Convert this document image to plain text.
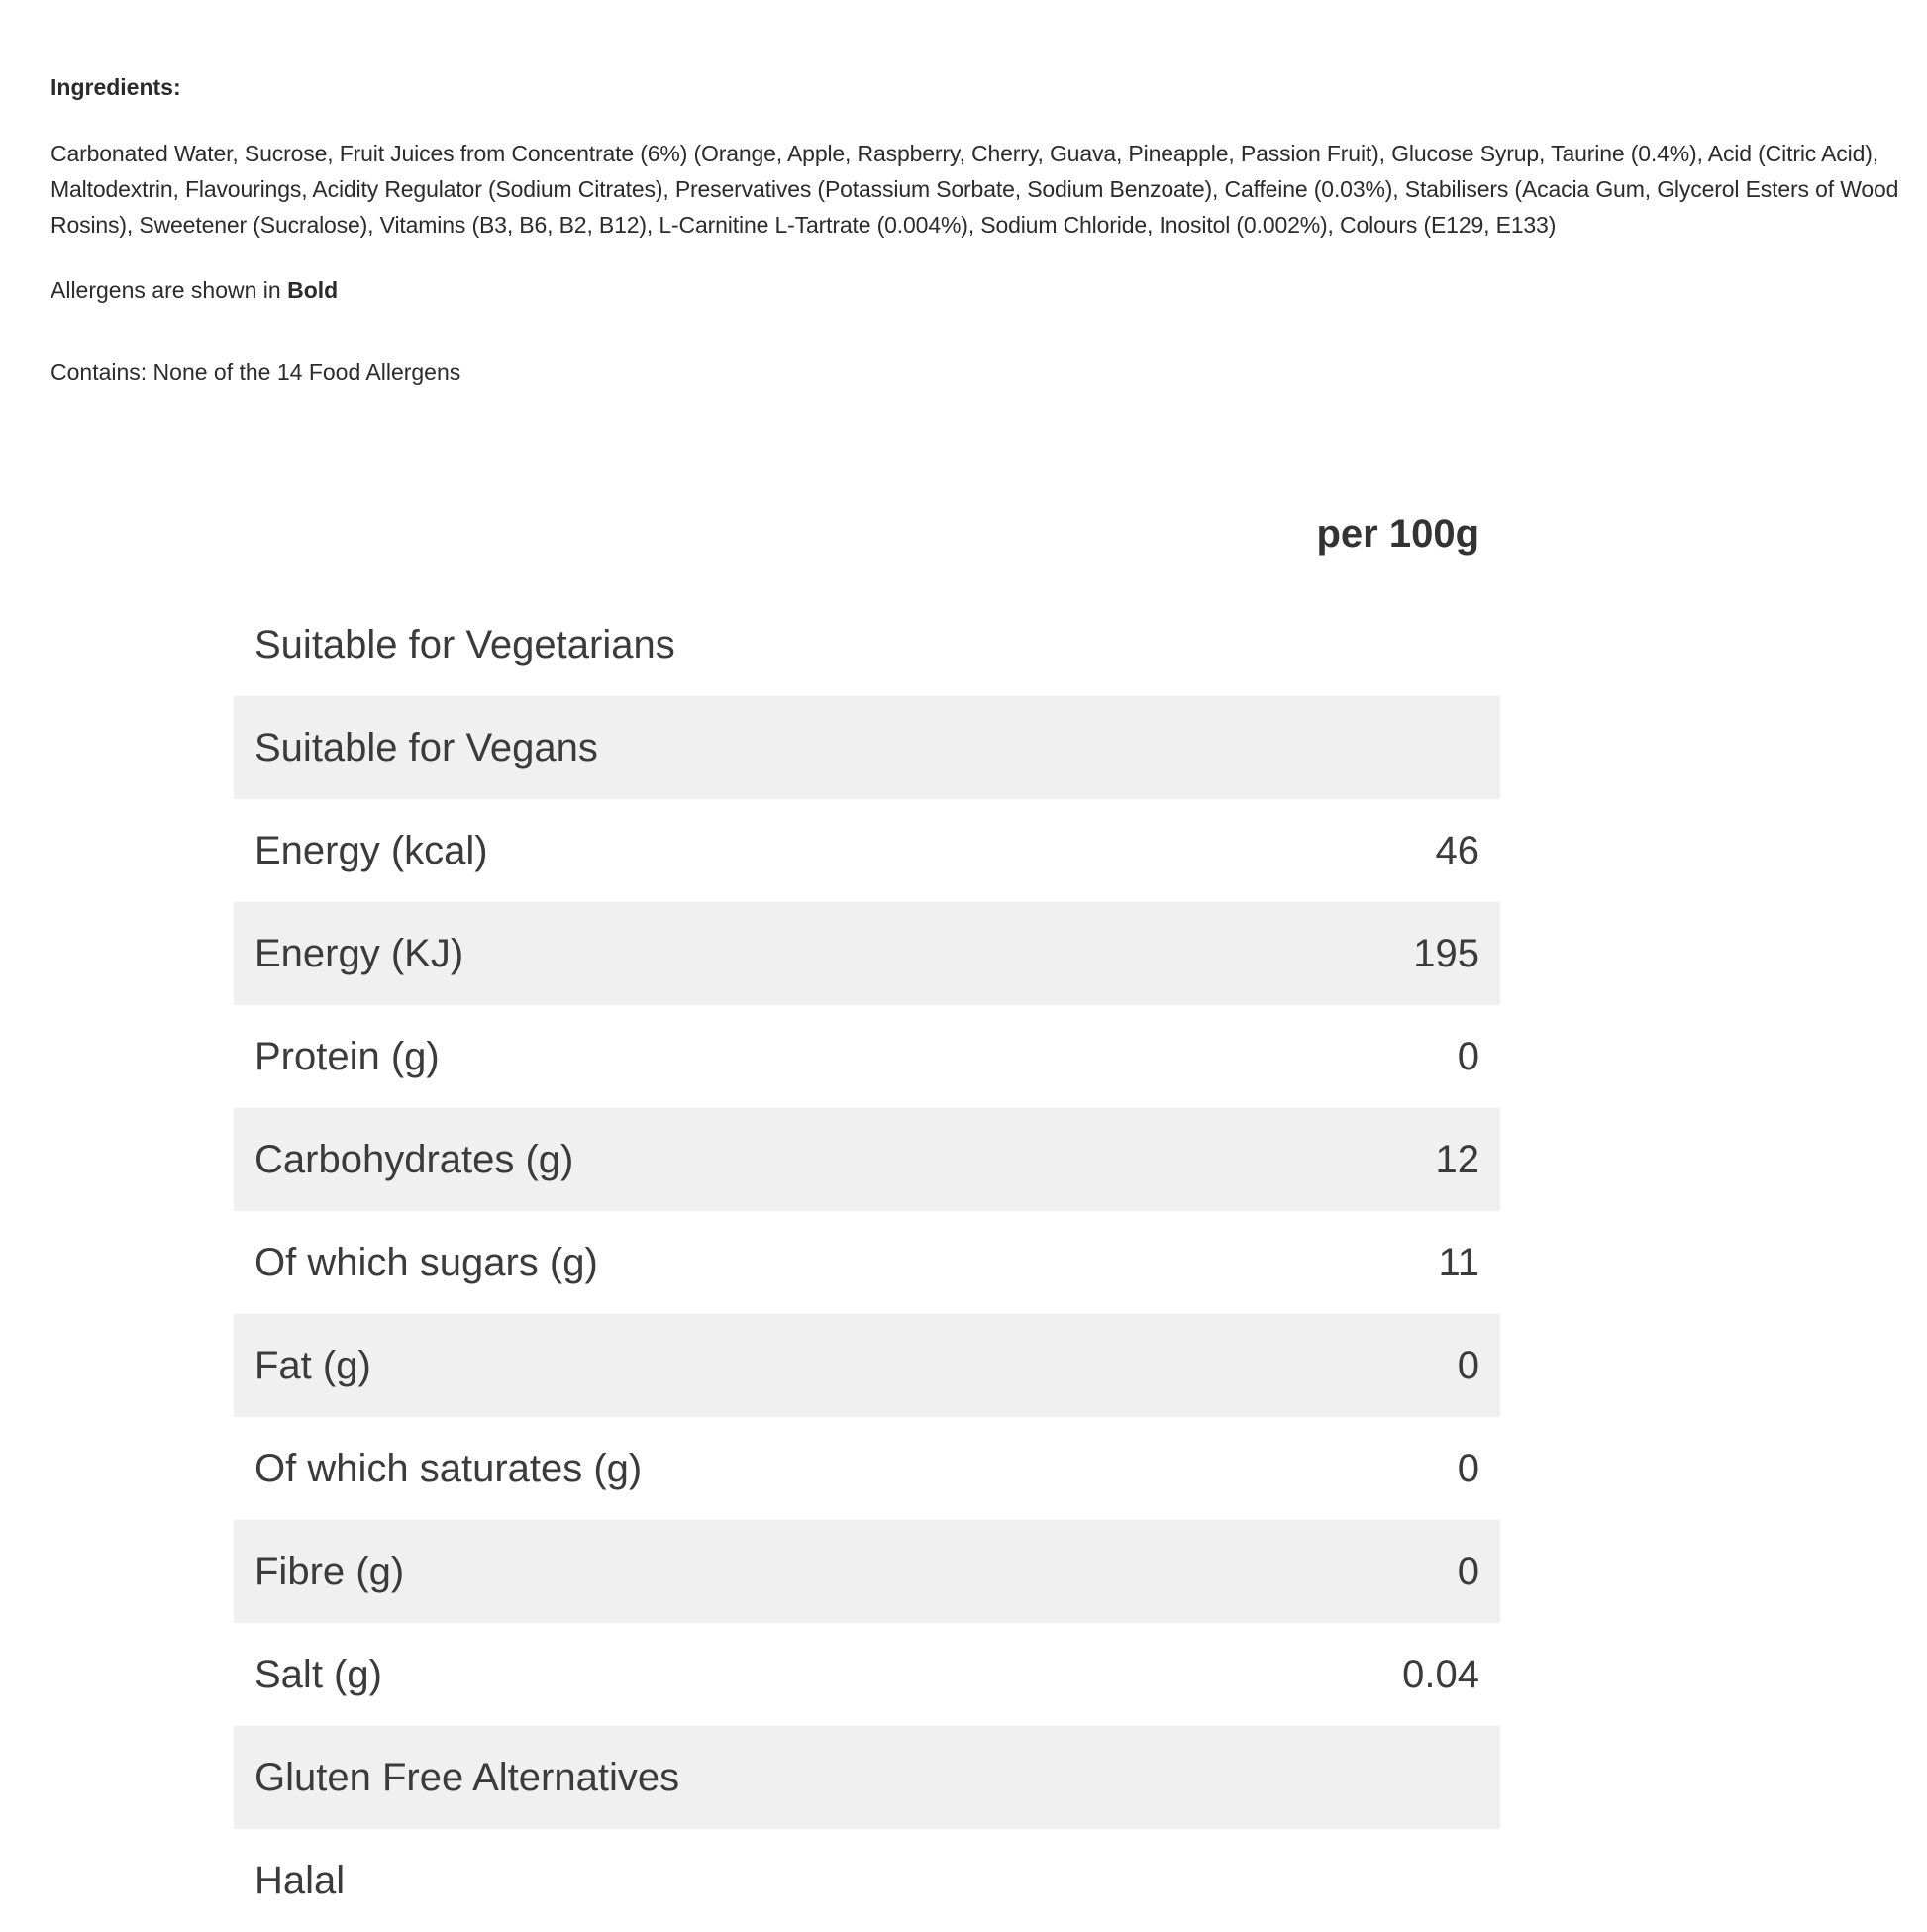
Ingredients:

Carbonated Water, Sucrose, Fruit Juices from Concentrate (6%) (Orange, Apple, Raspberry, Cherry, Guava, Pineapple, Passion Fruit), Glucose Syrup, Taurine (0.4%), Acid (Citric Acid), Maltodextrin, Flavourings, Acidity Regulator (Sodium Citrates), Preservatives (Potassium Sorbate, Sodium Benzoate), Caffeine (0.03%), Stabilisers (Acacia Gum, Glycerol Esters of Wood Rosins), Sweetener (Sucralose), Vitamins (B3, B6, B2, B12), L-Carnitine L-Tartrate (0.004%), Sodium Chloride, Inositol (0.002%), Colours (E129, E133)

Allergens are shown in Bold

Contains: None of the 14 Food Allergens

per 100g
Suitable for Vegetarians
Suitable for Vegans
Energy (kcal)	46
Energy (KJ)	195
Protein (g)	0
Carbohydrates (g)	12
Of which sugars (g)	11
Fat (g)	0
Of which saturates (g)	0
Fibre (g)	0
Salt (g)	0.04
Gluten Free Alternatives
Halal
